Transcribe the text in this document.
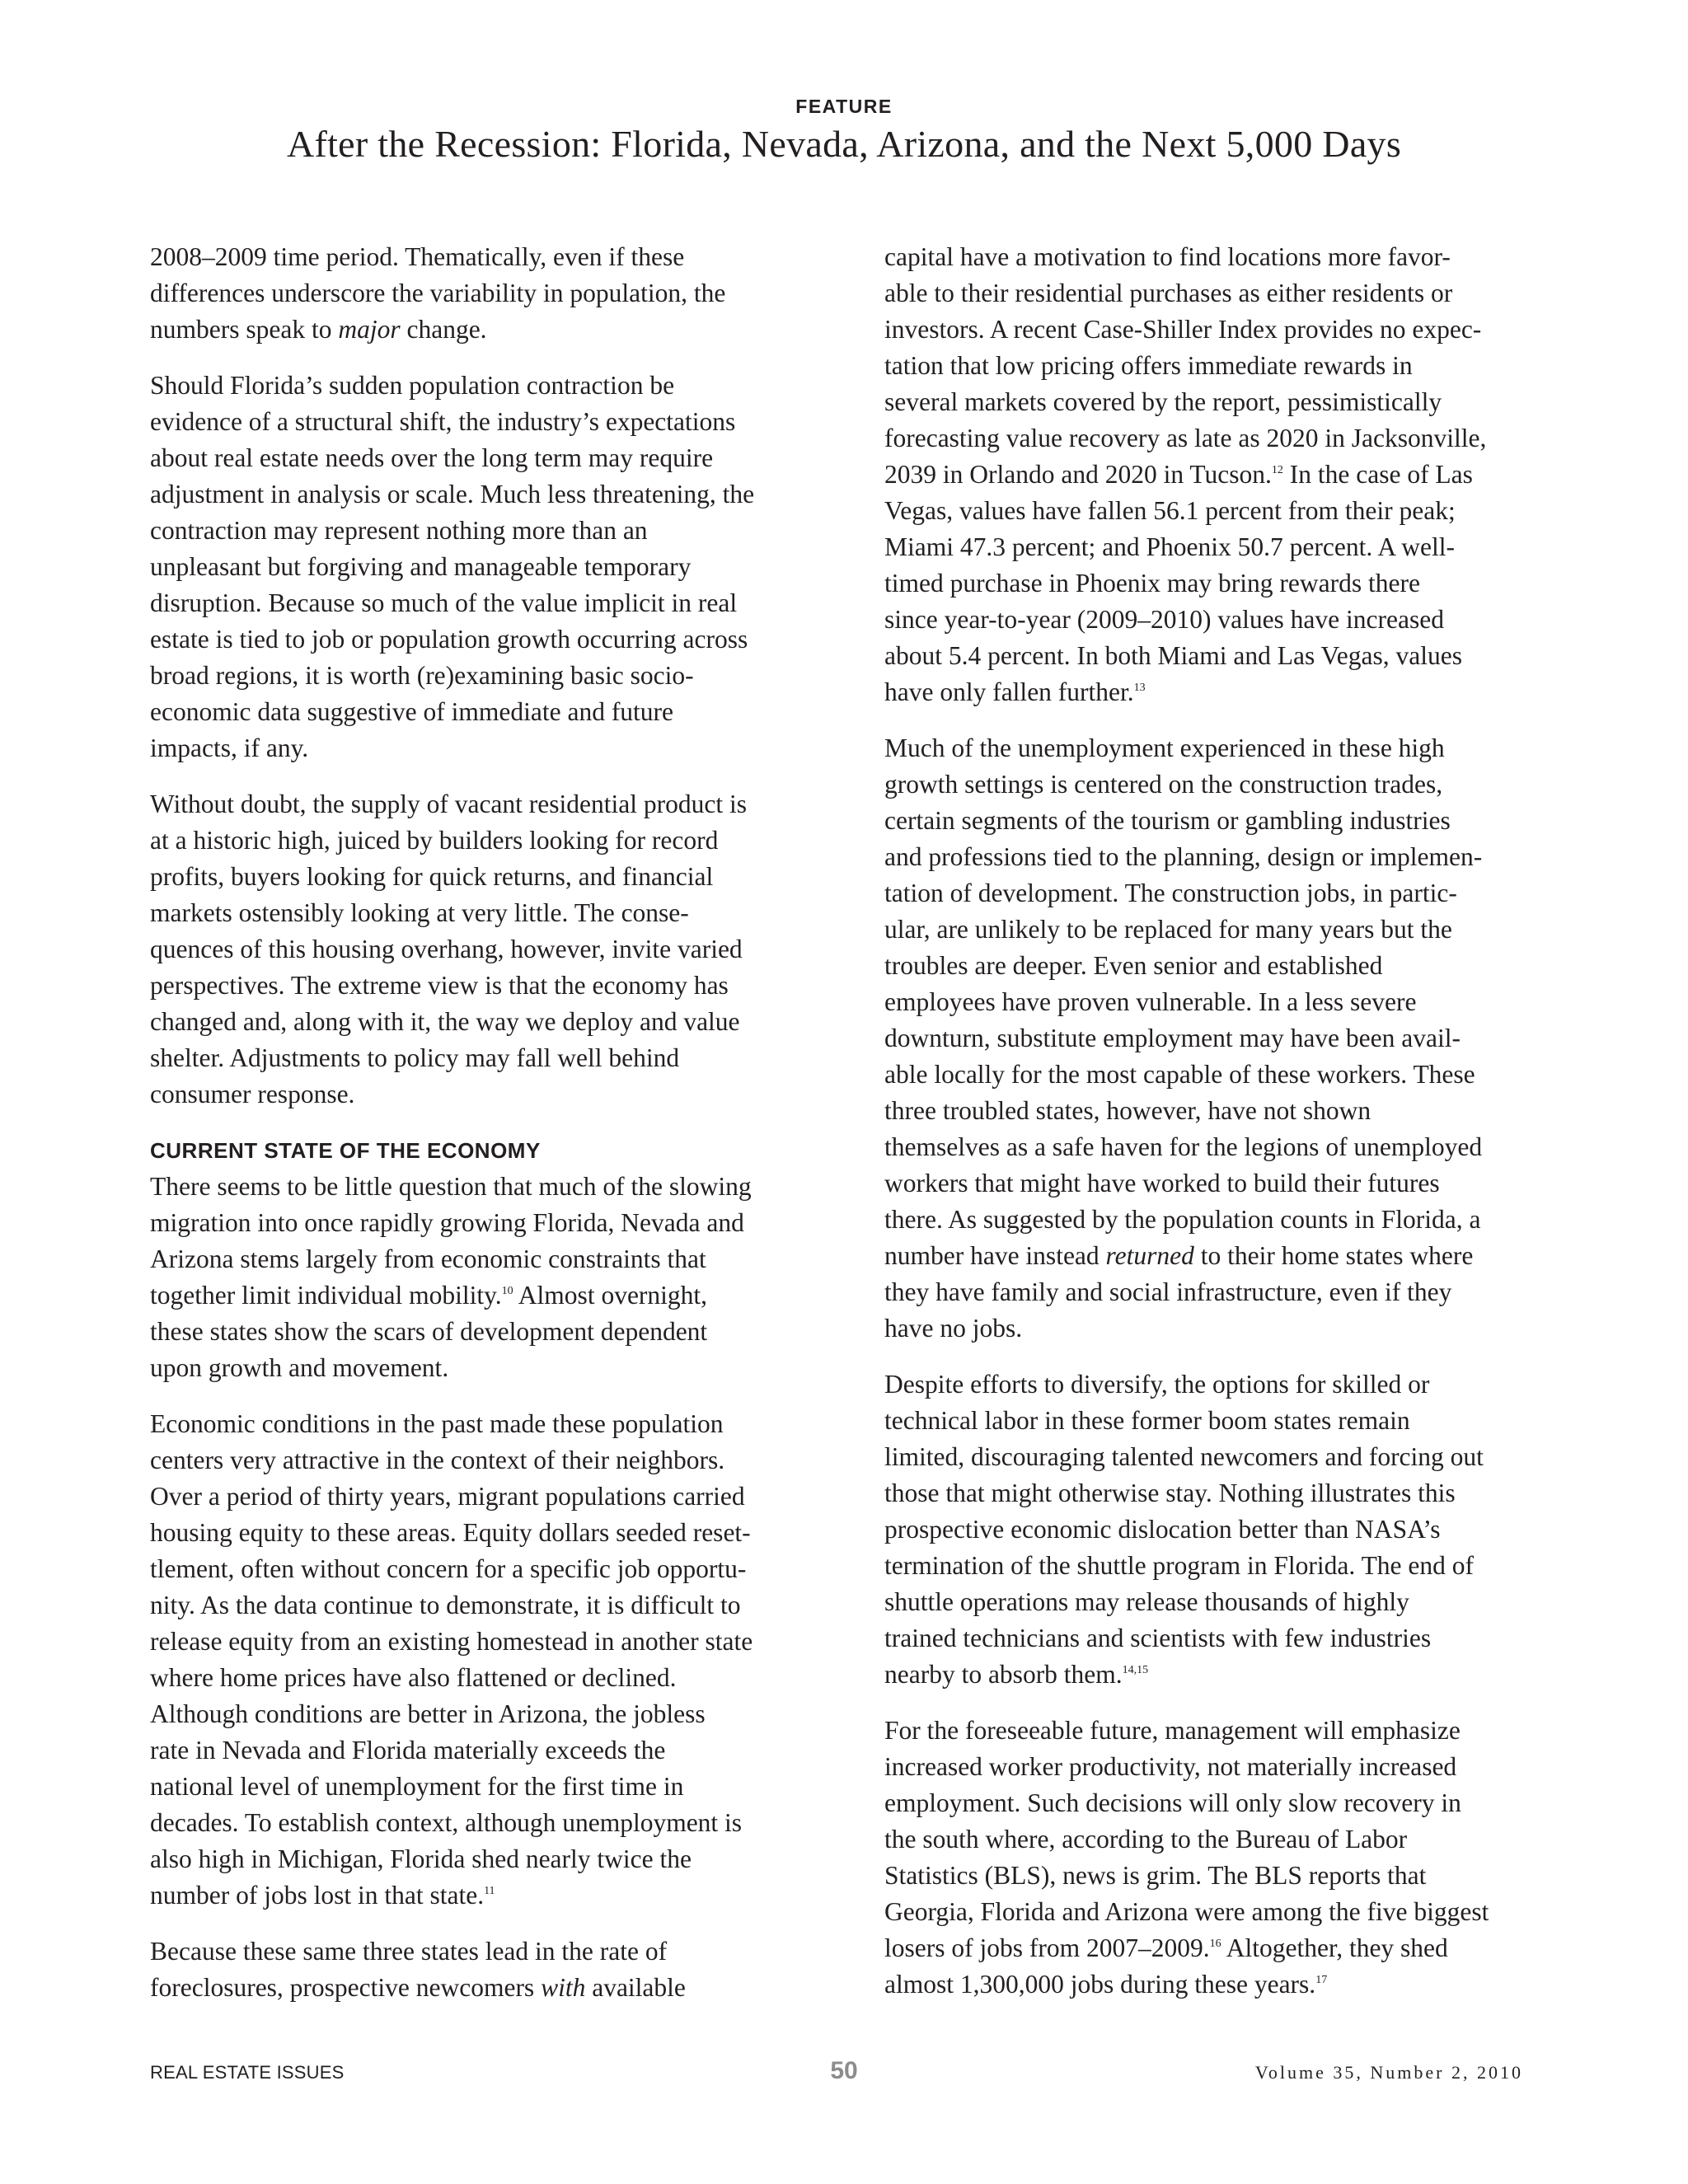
FEATURE
After the Recession: Florida, Nevada, Arizona, and the Next 5,000 Days

2008–2009 time period. Thematically, even if these
differences underscore the variability in population, the
numbers speak to major change.

Should Florida’s sudden population contraction be
evidence of a structural shift, the industry’s expectations
about real estate needs over the long term may require
adjustment in analysis or scale. Much less threatening, the
contraction may represent nothing more than an
unpleasant but forgiving and manageable temporary
disruption. Because so much of the value implicit in real
estate is tied to job or population growth occurring across
broad regions, it is worth (re)examining basic socio-
economic data suggestive of immediate and future
impacts, if any.

Without doubt, the supply of vacant residential product is
at a historic high, juiced by builders looking for record
profits, buyers looking for quick returns, and financial
markets ostensibly looking at very little. The conse-
quences of this housing overhang, however, invite varied
perspectives. The extreme view is that the economy has
changed and, along with it, the way we deploy and value
shelter. Adjustments to policy may fall well behind
consumer response.

CURRENT STATE OF THE ECONOMY

There seems to be little question that much of the slowing
migration into once rapidly growing Florida, Nevada and
Arizona stems largely from economic constraints that
together limit individual mobility.$^{10}$ Almost overnight,
these states show the scars of development dependent
upon growth and movement.

Economic conditions in the past made these population
centers very attractive in the context of their neighbors.
Over a period of thirty years, migrant populations carried
housing equity to these areas. Equity dollars seeded reset-
tlement, often without concern for a specific job opportu-
nity. As the data continue to demonstrate, it is difficult to
release equity from an existing homestead in another state
where home prices have also flattened or declined.
Although conditions are better in Arizona, the jobless
rate in Nevada and Florida materially exceeds the
national level of unemployment for the first time in
decades. To establish context, although unemployment is
also high in Michigan, Florida shed nearly twice the
number of jobs lost in that state.$^{11}$

Because these same three states lead in the rate of
foreclosures, prospective newcomers with available

capital have a motivation to find locations more favor-
able to their residential purchases as either residents or
investors. A recent Case-Shiller Index provides no expec-
tation that low pricing offers immediate rewards in
several markets covered by the report, pessimistically
forecasting value recovery as late as 2020 in Jacksonville,
2039 in Orlando and 2020 in Tucson.$^{12}$ In the case of Las
Vegas, values have fallen 56.1 percent from their peak;
Miami 47.3 percent; and Phoenix 50.7 percent. A well-
timed purchase in Phoenix may bring rewards there
since year-to-year (2009–2010) values have increased
about 5.4 percent. In both Miami and Las Vegas, values
have only fallen further.$^{13}$

Much of the unemployment experienced in these high
growth settings is centered on the construction trades,
certain segments of the tourism or gambling industries
and professions tied to the planning, design or implemen-
tation of development. The construction jobs, in partic-
ular, are unlikely to be replaced for many years but the
troubles are deeper. Even senior and established
employees have proven vulnerable. In a less severe
downturn, substitute employment may have been avail-
able locally for the most capable of these workers. These
three troubled states, however, have not shown
themselves as a safe haven for the legions of unemployed
workers that might have worked to build their futures
there. As suggested by the population counts in Florida, a
number have instead returned to their home states where
they have family and social infrastructure, even if they
have no jobs.

Despite efforts to diversify, the options for skilled or
technical labor in these former boom states remain
limited, discouraging talented newcomers and forcing out
those that might otherwise stay. Nothing illustrates this
prospective economic dislocation better than NASA’s
termination of the shuttle program in Florida. The end of
shuttle operations may release thousands of highly
trained technicians and scientists with few industries
nearby to absorb them.$^{14,15}$

For the foreseeable future, management will emphasize
increased worker productivity, not materially increased
employment. Such decisions will only slow recovery in
the south where, according to the Bureau of Labor
Statistics (BLS), news is grim. The BLS reports that
Georgia, Florida and Arizona were among the five biggest
losers of jobs from 2007–2009.16 Altogether, they shed
almost 1,300,000 jobs during these years.$^{17}$

REAL ESTATE ISSUES	50	Volume 35, Number 2, 2010
